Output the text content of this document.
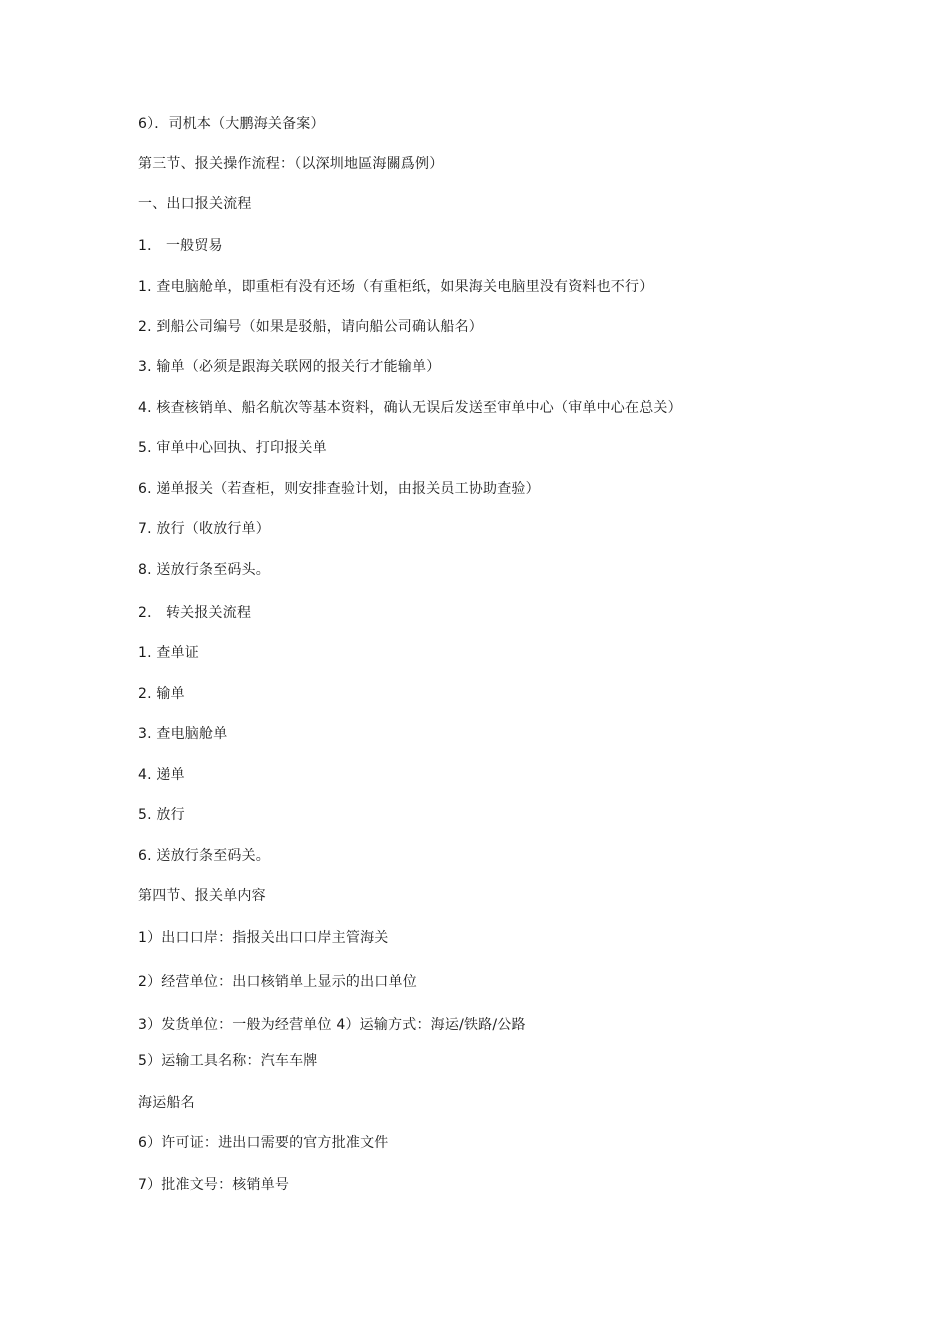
6）．司机本（大鹏海关备案）
第三节、报关操作流程：（以深圳地區海關爲例）
一、出口报关流程
1． 一般贸易
1. 查电脑舱单，即重柜有没有还场（有重柜纸，如果海关电脑里没有资料也不行）
2. 到船公司编号（如果是驳船，请向船公司确认船名）
3. 输单（必须是跟海关联网的报关行才能输单）
4. 核查核销单、船名航次等基本资料，确认无误后发送至审单中心（审单中心在总关）
5. 审单中心回执、打印报关单
6. 递单报关（若查柜，则安排查验计划，由报关员工协助查验）
7. 放行（收放行单）
8. 送放行条至码头。
2． 转关报关流程
1. 查单证
2. 输单
3. 查电脑舱单
4. 递单
5. 放行
6. 送放行条至码关。
第四节、报关单内容
1）出口口岸：指报关出口口岸主管海关
2）经营单位：出口核销单上显示的出口单位
3）发货单位：一般为经营单位 4）运输方式：海运/铁路/公路
5）运输工具名称：汽车车牌
海运船名
6）许可证：进出口需要的官方批准文件
7）批准文号：核销单号
